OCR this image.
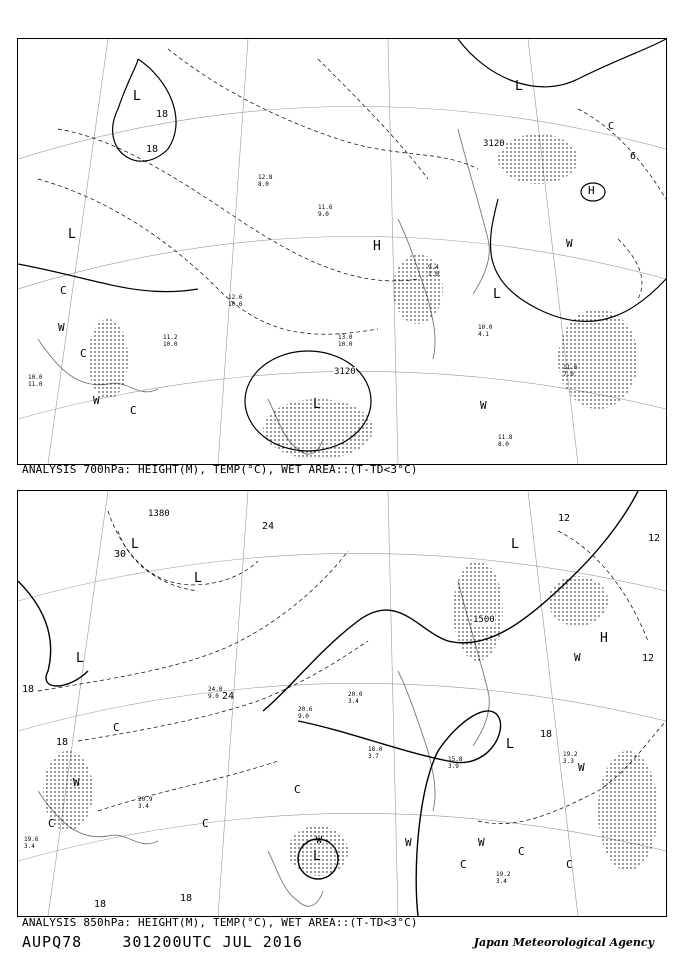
12.8
8.0
11.6
9.0
12.6
10.6
9.4
1.0
10.0
4.1
11.8
8.0
11.6
7.0
11.2
10.0
10.0
11.0
13.0
10.0
3120
3120
18
18
6
C
L
L
L
L
L
H
H
W
W
W
W
C
C
C
ANALYSIS 700hPa: HEIGHT(M), TEMP(°C), WET AREA::(T-TD<3°C)
24.0
9.0
20.6
9.0
20.0
3.4
15.8
3.9
19.2
3.4
19.2
3.3
19.6
3.4
20.9
3.4
18.0
3.7
1380
1500
30
24
24
18
18
18
18
18
12
12
12
L
L
L
L
L
L
H
W
W	W	W
W
W
C
C
C
C
C
C
C
ANALYSIS 850hPa: HEIGHT(M), TEMP(°C), WET AREA::(T-TD<3°C)
AUPQ78	301200UTC JUL 2016	Japan Meteorological Agency
